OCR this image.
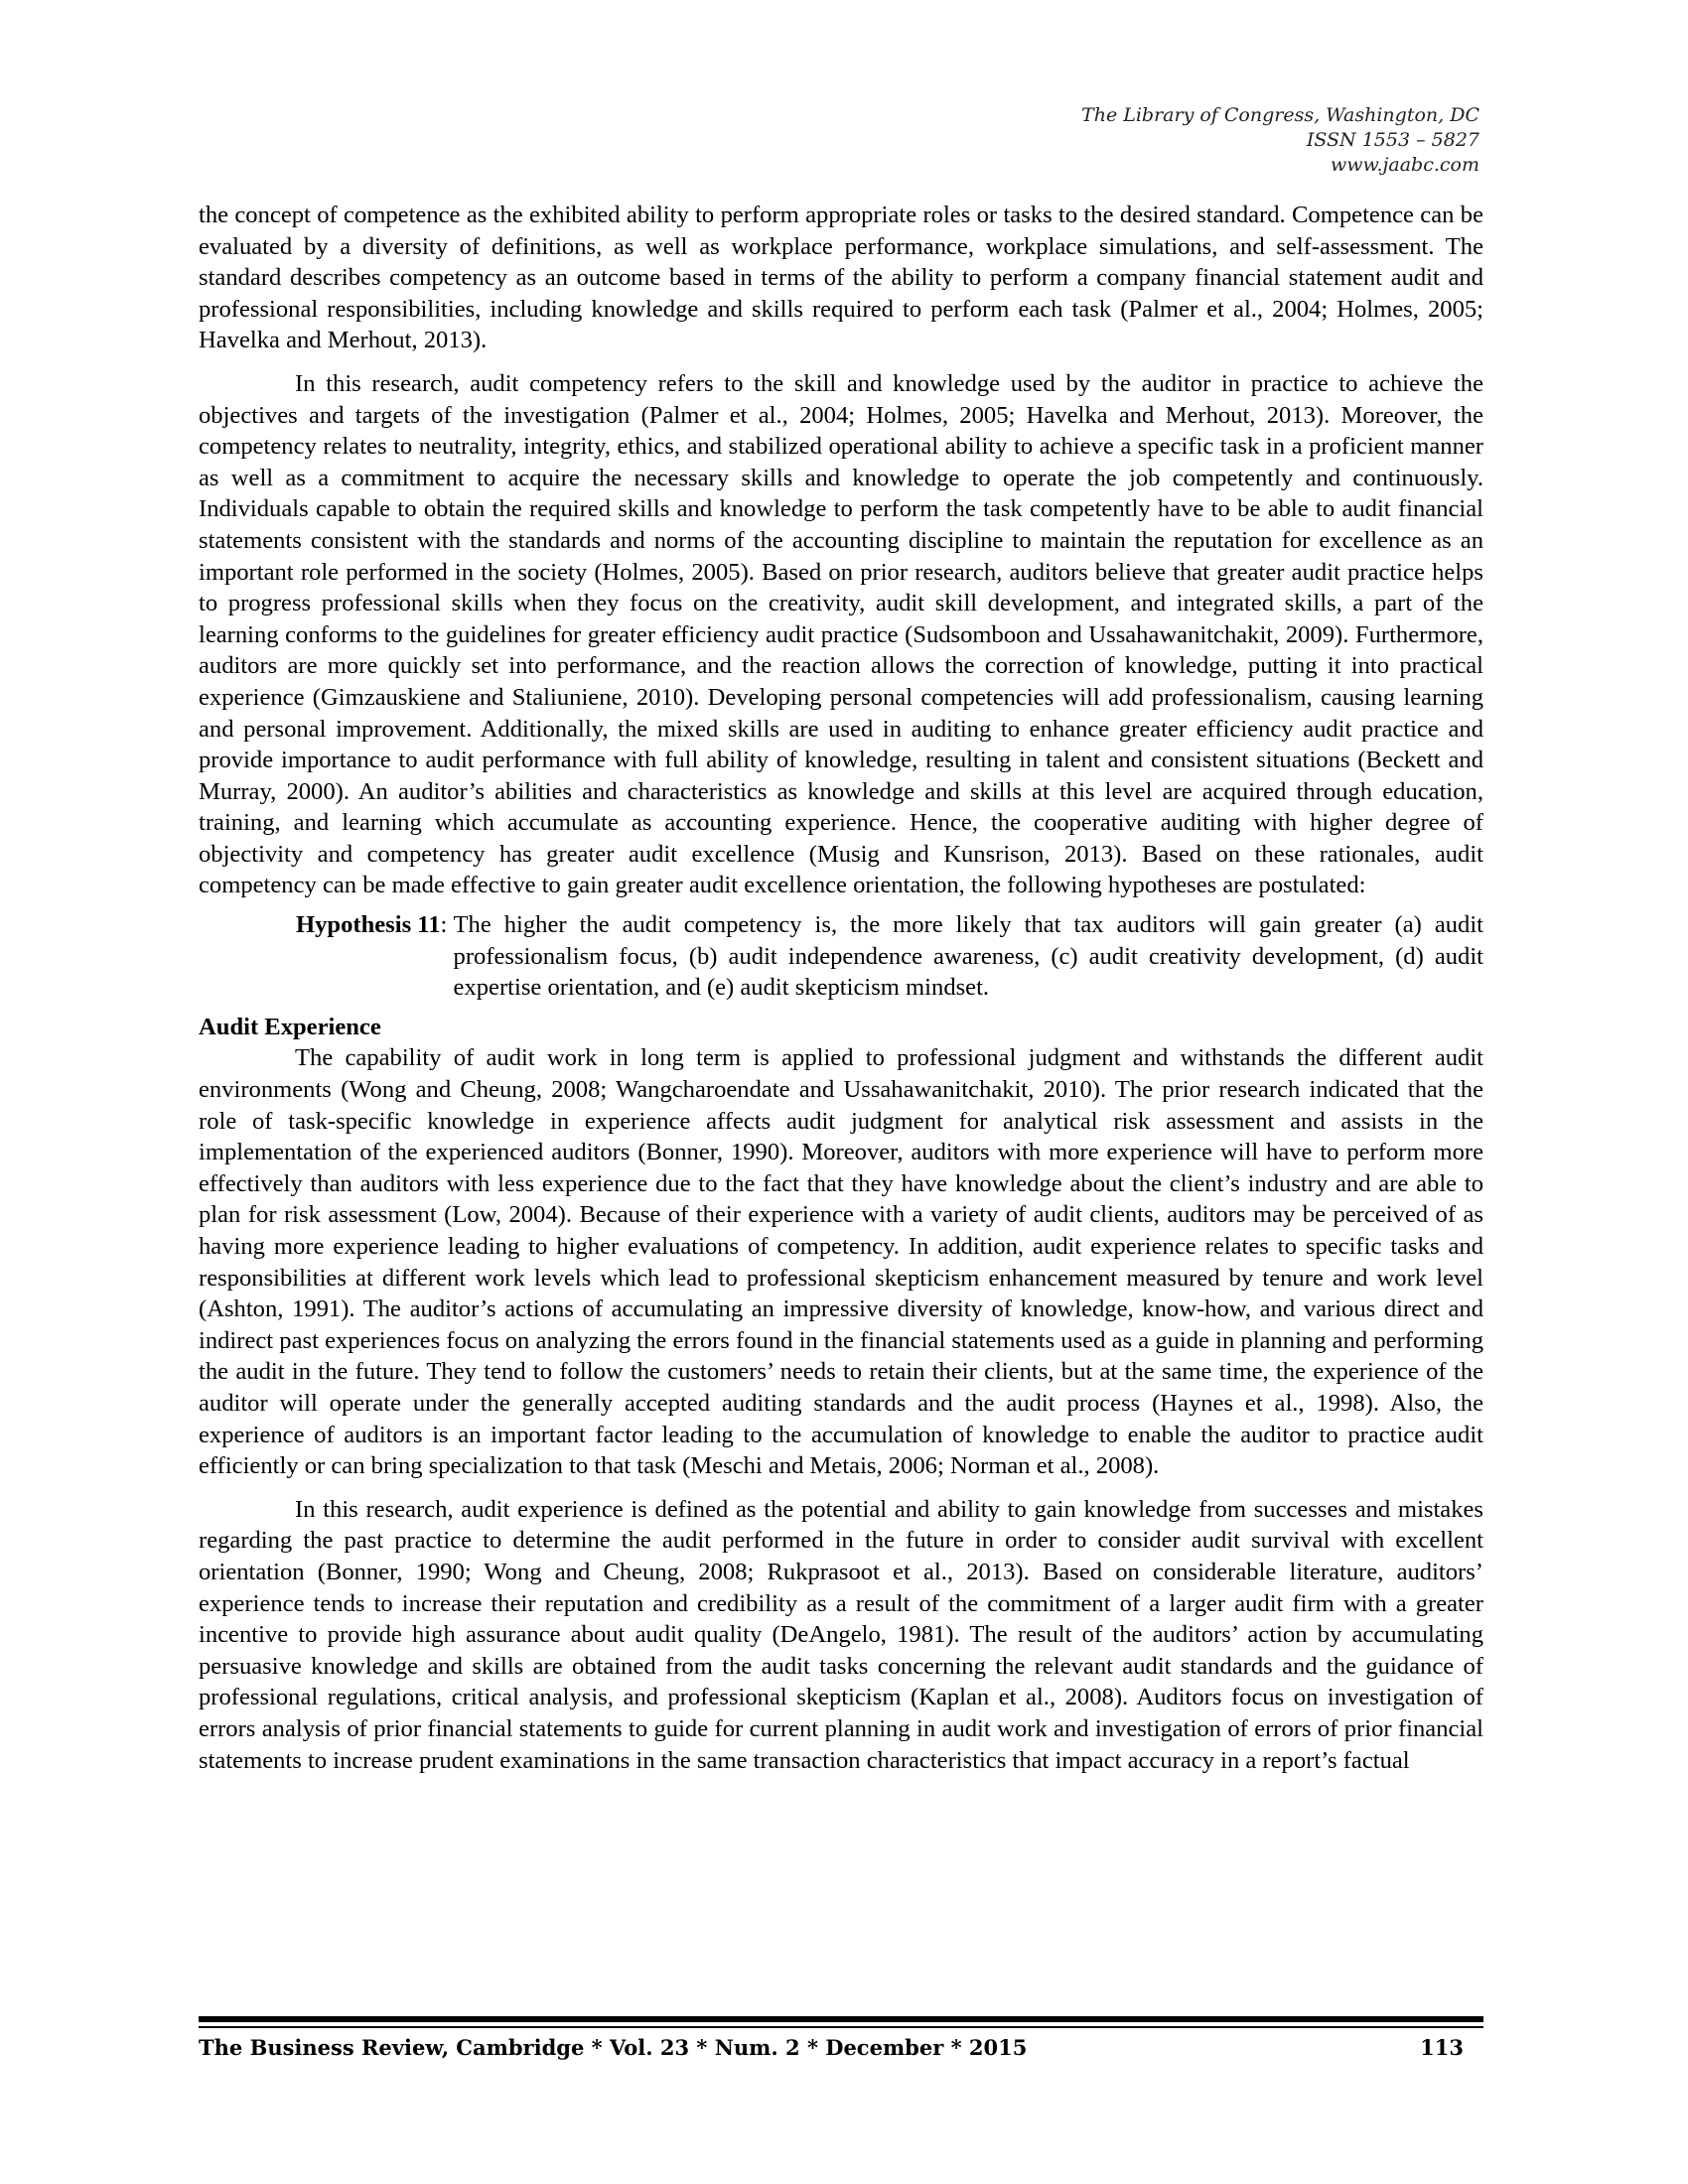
The Library of Congress, Washington, DC
ISSN 1553 – 5827
www.jaabc.com

the concept of competence as the exhibited ability to perform appropriate roles or tasks to the desired standard. Competence can be evaluated by a diversity of definitions, as well as workplace performance, workplace simulations, and self-assessment. The standard describes competency as an outcome based in terms of the ability to perform a company financial statement audit and professional responsibilities, including knowledge and skills required to perform each task (Palmer et al., 2004; Holmes, 2005; Havelka and Merhout, 2013).

In this research, audit competency refers to the skill and knowledge used by the auditor in practice to achieve the objectives and targets of the investigation (Palmer et al., 2004; Holmes, 2005; Havelka and Merhout, 2013). Moreover, the competency relates to neutrality, integrity, ethics, and stabilized operational ability to achieve a specific task in a proficient manner as well as a commitment to acquire the necessary skills and knowledge to operate the job competently and continuously. Individuals capable to obtain the required skills and knowledge to perform the task competently have to be able to audit financial statements consistent with the standards and norms of the accounting discipline to maintain the reputation for excellence as an important role performed in the society (Holmes, 2005). Based on prior research, auditors believe that greater audit practice helps to progress professional skills when they focus on the creativity, audit skill development, and integrated skills, a part of the learning conforms to the guidelines for greater efficiency audit practice (Sudsomboon and Ussahawanitchakit, 2009). Furthermore, auditors are more quickly set into performance, and the reaction allows the correction of knowledge, putting it into practical experience (Gimzauskiene and Staliuniene, 2010). Developing personal competencies will add professionalism, causing learning and personal improvement. Additionally, the mixed skills are used in auditing to enhance greater efficiency audit practice and provide importance to audit performance with full ability of knowledge, resulting in talent and consistent situations (Beckett and Murray, 2000). An auditor’s abilities and characteristics as knowledge and skills at this level are acquired through education, training, and learning which accumulate as accounting experience. Hence, the cooperative auditing with higher degree of objectivity and competency has greater audit excellence (Musig and Kunsrison, 2013). Based on these rationales, audit competency can be made effective to gain greater audit excellence orientation, the following hypotheses are postulated:

Hypothesis 11 : The higher the audit competency is, the more likely that tax auditors will gain greater (a) audit professionalism focus, (b) audit independence awareness, (c) audit creativity development, (d) audit expertise orientation, and (e) audit skepticism mindset.
Audit Experience

The capability of audit work in long term is applied to professional judgment and withstands the different audit environments (Wong and Cheung, 2008; Wangcharoendate and Ussahawanitchakit, 2010). The prior research indicated that the role of task-specific knowledge in experience affects audit judgment for analytical risk assessment and assists in the implementation of the experienced auditors (Bonner, 1990). Moreover, auditors with more experience will have to perform more effectively than auditors with less experience due to the fact that they have knowledge about the client’s industry and are able to plan for risk assessment (Low, 2004). Because of their experience with a variety of audit clients, auditors may be perceived of as having more experience leading to higher evaluations of competency. In addition, audit experience relates to specific tasks and responsibilities at different work levels which lead to professional skepticism enhancement measured by tenure and work level (Ashton, 1991). The auditor’s actions of accumulating an impressive diversity of knowledge, know-how, and various direct and indirect past experiences focus on analyzing the errors found in the financial statements used as a guide in planning and performing the audit in the future. They tend to follow the customers’ needs to retain their clients, but at the same time, the experience of the auditor will operate under the generally accepted auditing standards and the audit process (Haynes et al., 1998). Also, the experience of auditors is an important factor leading to the accumulation of knowledge to enable the auditor to practice audit efficiently or can bring specialization to that task (Meschi and Metais, 2006; Norman et al., 2008).

In this research, audit experience is defined as the potential and ability to gain knowledge from successes and mistakes regarding the past practice to determine the audit performed in the future in order to consider audit survival with excellent orientation (Bonner, 1990; Wong and Cheung, 2008; Rukprasoot et al., 2013). Based on considerable literature, auditors’ experience tends to increase their reputation and credibility as a result of the commitment of a larger audit firm with a greater incentive to provide high assurance about audit quality (DeAngelo, 1981). The result of the auditors’ action by accumulating persuasive knowledge and skills are obtained from the audit tasks concerning the relevant audit standards and the guidance of professional regulations, critical analysis, and professional skepticism (Kaplan et al., 2008). Auditors focus on investigation of errors analysis of prior financial statements to guide for current planning in audit work and investigation of errors of prior financial statements to increase prudent examinations in the same transaction characteristics that impact accuracy in a report’s factual

The Business Review, Cambridge * Vol. 23 * Num. 2 * December * 2015	113
